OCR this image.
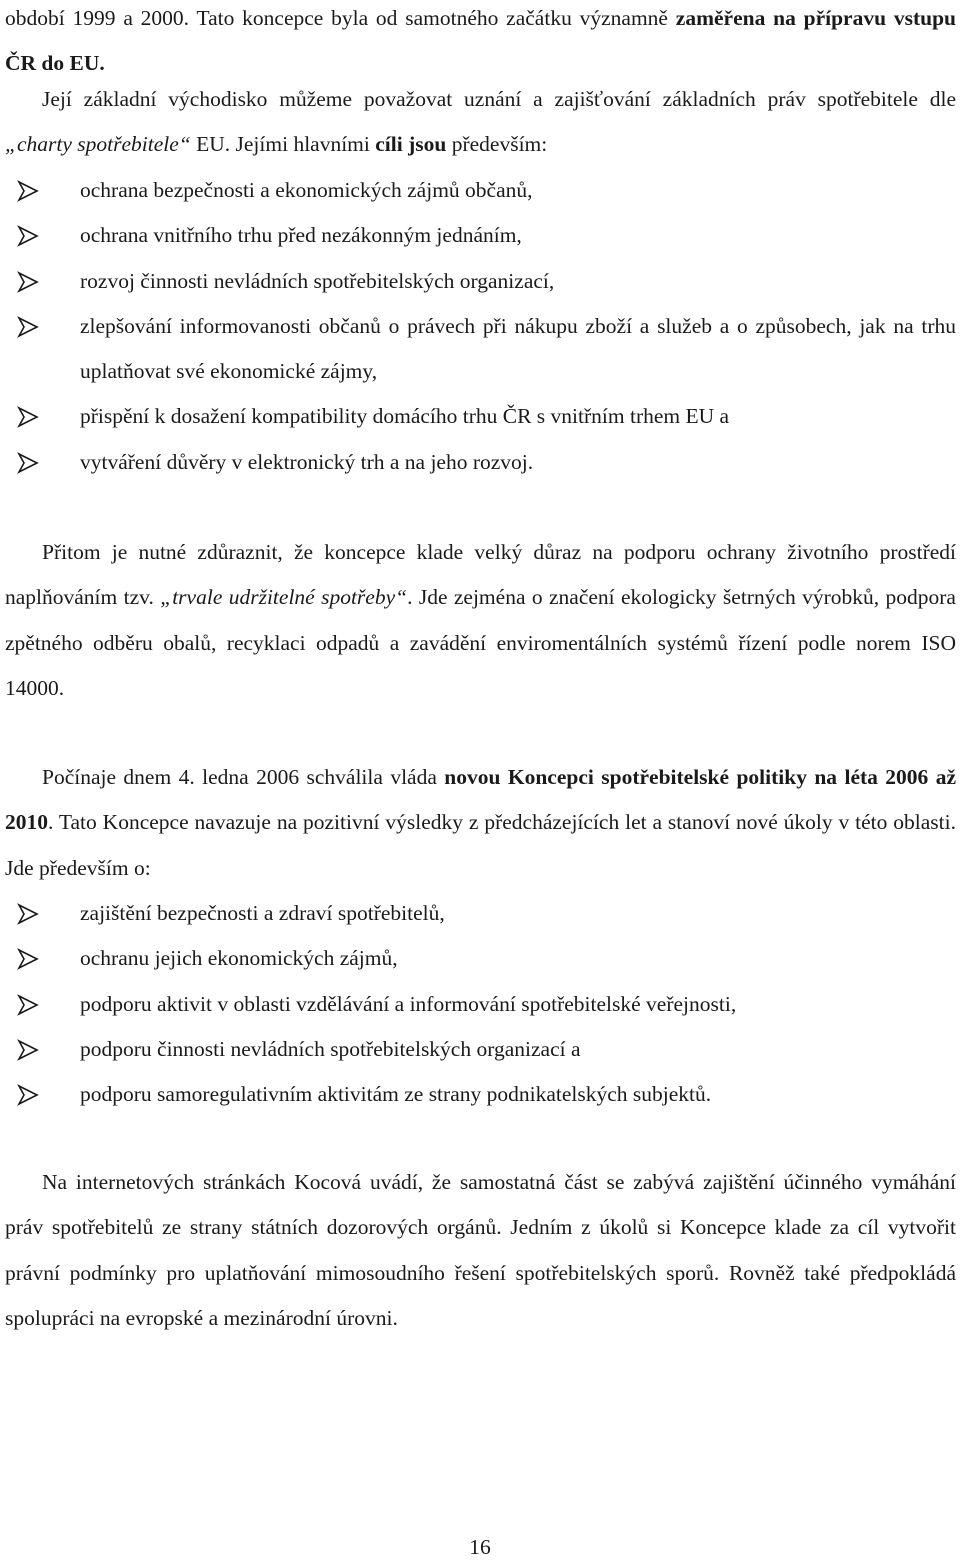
období 1999 a 2000. Tato koncepce byla od samotného začátku významně zaměřena na přípravu vstupu ČR do EU.

Její základní východisko můžeme považovat uznání a zajišťování základních práv spotřebitele dle „charty spotřebitele“ EU. Jejími hlavními cíli jsou především:

ochrana bezpečnosti a ekonomických zájmů občanů,
ochrana vnitřního trhu před nezákonným jednáním,
rozvoj činnosti nevládních spotřebitelských organizací,
zlepšování informovanosti občanů o právech při nákupu zboží a služeb a o způsobech, jak na trhu uplatňovat své ekonomické zájmy,
přispění k dosažení kompatibility domácího trhu ČR s vnitřním trhem EU a
vytváření důvěry v elektronický trh a na jeho rozvoj.

Přitom je nutné zdůraznit, že koncepce klade velký důraz na podporu ochrany životního prostředí naplňováním tzv. „trvale udržitelné spotřeby“. Jde zejména o značení ekologicky šetrných výrobků, podpora zpětného odběru obalů, recyklaci odpadů a zavádění enviromentálních systémů řízení podle norem ISO 14000.

Počínaje dnem 4. ledna 2006 schválila vláda novou Koncepci spotřebitelské politiky na léta 2006 až 2010. Tato Koncepce navazuje na pozitivní výsledky z předcházejících let a stanoví nové úkoly v této oblasti. Jde především o:

zajištění bezpečnosti a zdraví spotřebitelů,
ochranu jejich ekonomických zájmů,
podporu aktivit v oblasti vzdělávání a informování spotřebitelské veřejnosti,
podporu činnosti nevládních spotřebitelských organizací a
podporu samoregulativním aktivitám ze strany podnikatelských subjektů.

Na internetových stránkách Kocová uvádí, že samostatná část se zabývá zajištění účinného vymáhání práv spotřebitelů ze strany státních dozorových orgánů. Jedním z úkolů si Koncepce klade za cíl vytvořit právní podmínky pro uplatňování mimosoudního řešení spotřebitelských sporů. Rovněž také předpokládá spolupráci na evropské a mezinárodní úrovni.

16
